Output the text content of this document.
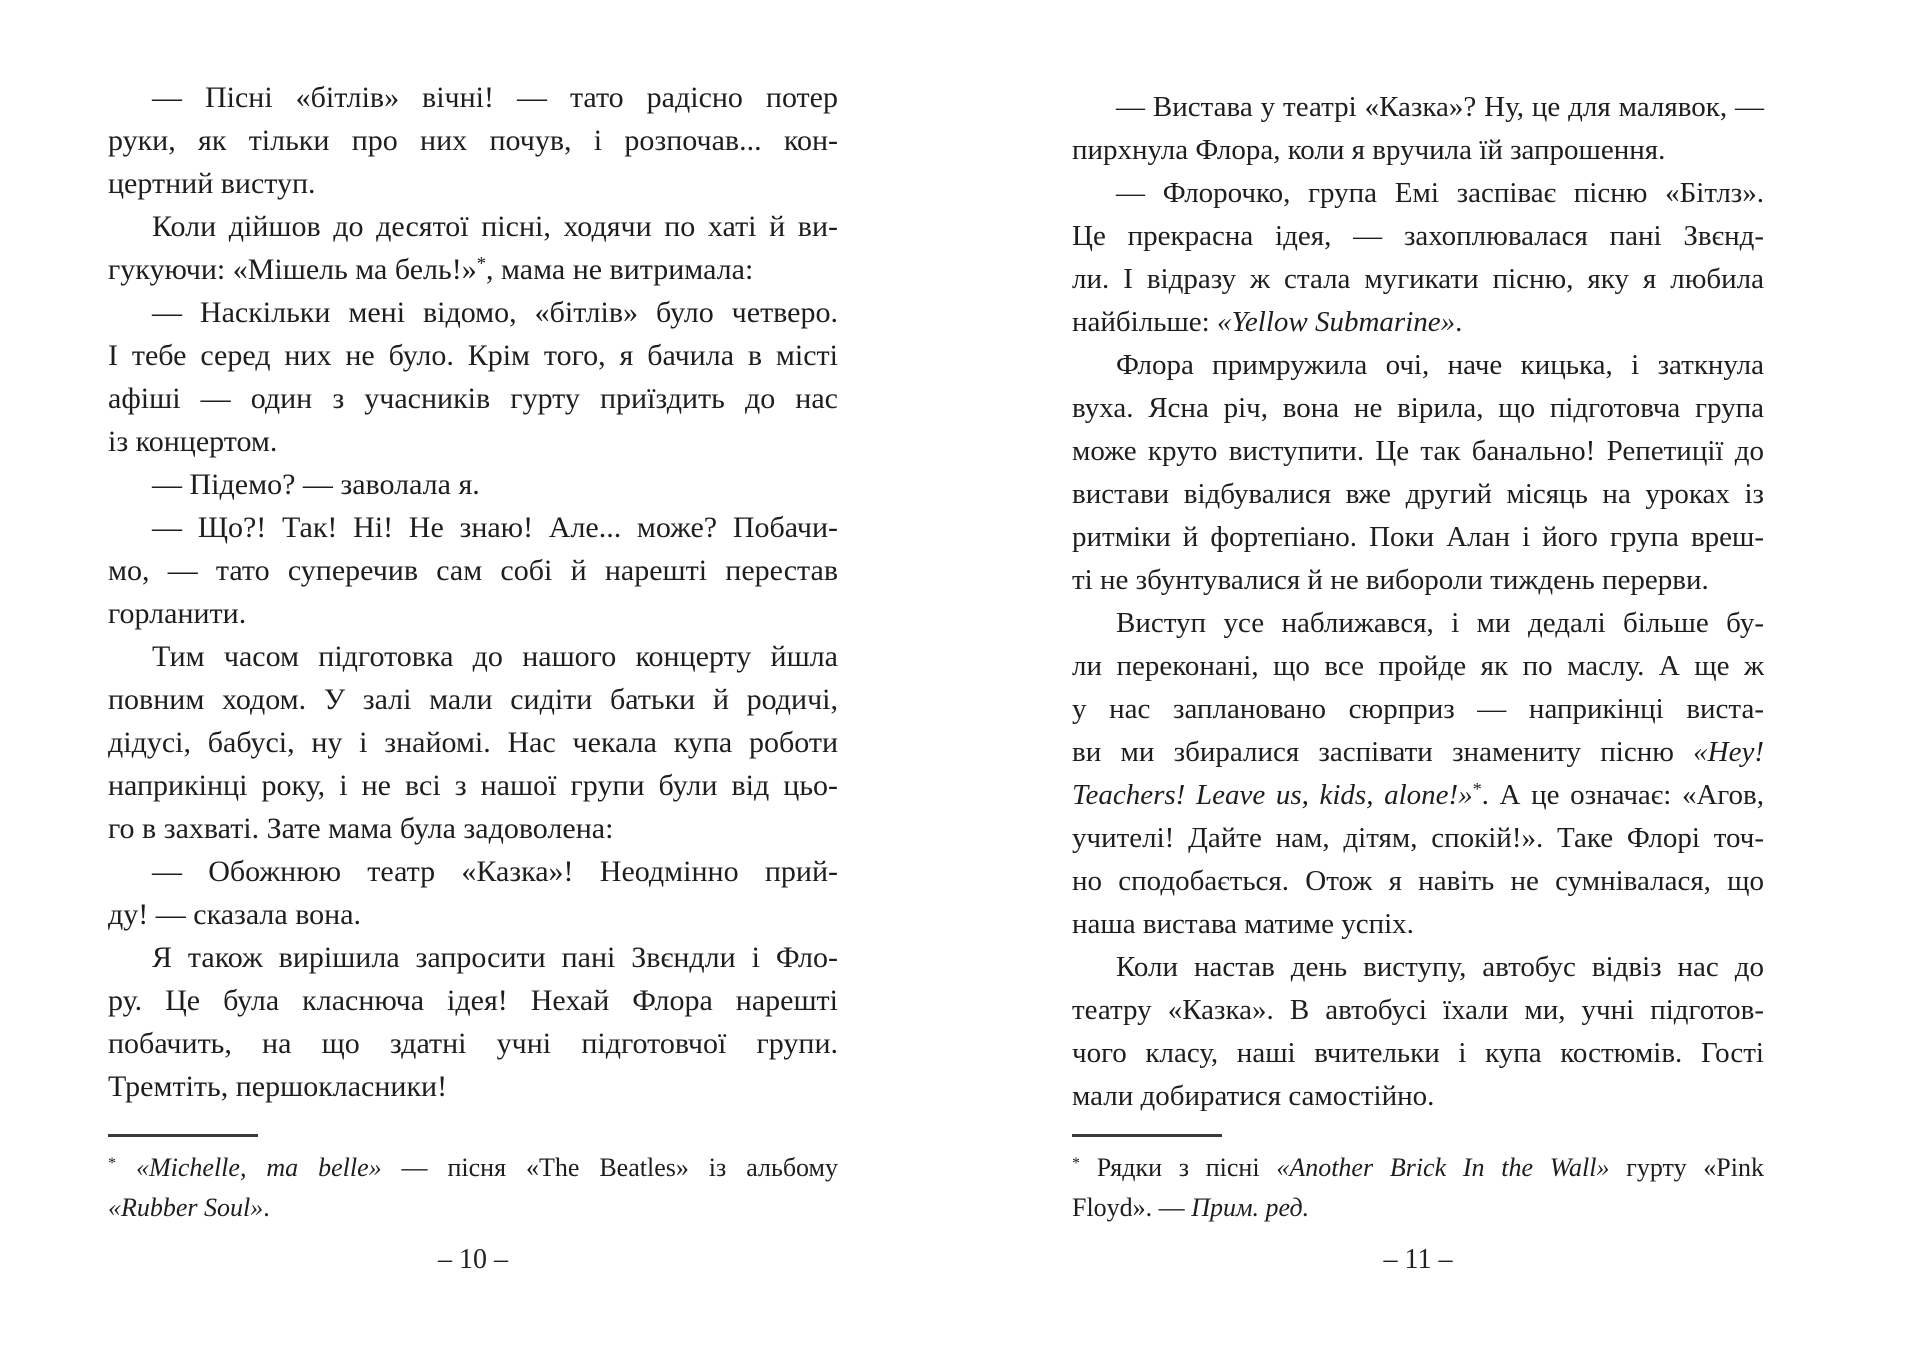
— Пісні «бітлів» вічні! — тато радісно потер
руки, як тільки про них почув, і розпочав... кон-
цертний виступ.
Коли дійшов до десятої пісні, ходячи по хаті й ви-
гукуючи: «Мішель ма бель!»*, мама не витримала:
— Наскільки мені відомо, «бітлів» було четверо.
І тебе серед них не було. Крім того, я бачила в місті
афіші — один з учасників гурту приїздить до нас
із концертом.
— Підемо? — заволала я.
— Що?! Так! Ні! Не знаю! Але... може? Побачи-
мо, — тато суперечив сам собі й нарешті перестав
горланити.
Тим часом підготовка до нашого концерту йшла
повним ходом. У залі мали сидіти батьки й родичі,
дідусі, бабусі, ну і знайомі. Нас чекала купа роботи
наприкінці року, і не всі з нашої групи були від цьо-
го в захваті. Зате мама була задоволена:
— Обожнюю театр «Казка»! Неодмінно прий-
ду! — сказала вона.
Я також вирішила запросити пані Звєндли і Фло-
ру. Це була класнюча ідея! Нехай Флора нарешті
побачить, на що здатні учні підготовчої групи.
Тремтіть, першокласники!
* «Michelle, ma belle» — пісня «The Beatles» із альбому
«Rubber Soul».
– 10 –
— Вистава у театрі «Казка»? Ну, це для малявок, —
пирхнула Флора, коли я вручила їй запрошення.
— Флорочко, група Емі заспіває пісню «Бітлз».
Це прекрасна ідея, — захоплювалася пані Звєнд-
ли. І відразу ж стала мугикати пісню, яку я любила
найбільше: «Yellow Submarine».
Флора примружила очі, наче кицька, і заткнула
вуха. Ясна річ, вона не вірила, що підготовча група
може круто виступити. Це так банально! Репетиції до
вистави відбувалися вже другий місяць на уроках із
ритміки й фортепіано. Поки Алан і його група вреш-
ті не збунтувалися й не вибороли тиждень перерви.
Виступ усе наближався, і ми дедалі більше бу-
ли переконані, що все пройде як по маслу. А ще ж
у нас заплановано сюрприз — наприкінці виста-
ви ми збиралися заспівати знамениту пісню «Hey!
Teachers! Leave us, kids, alone!»*. А це означає: «Агов,
учителі! Дайте нам, дітям, спокій!». Таке Флорі точ-
но сподобається. Отож я навіть не сумнівалася, що
наша вистава матиме успіх.
Коли настав день виступу, автобус відвіз нас до
театру «Казка». В автобусі їхали ми, учні підготов-
чого класу, наші вчительки і купа костюмів. Гості
мали добиратися самостійно.
* Рядки з пісні «Another Brick In the Wall» гурту «Pink
Floyd». — Прим. ред.
– 11 –
